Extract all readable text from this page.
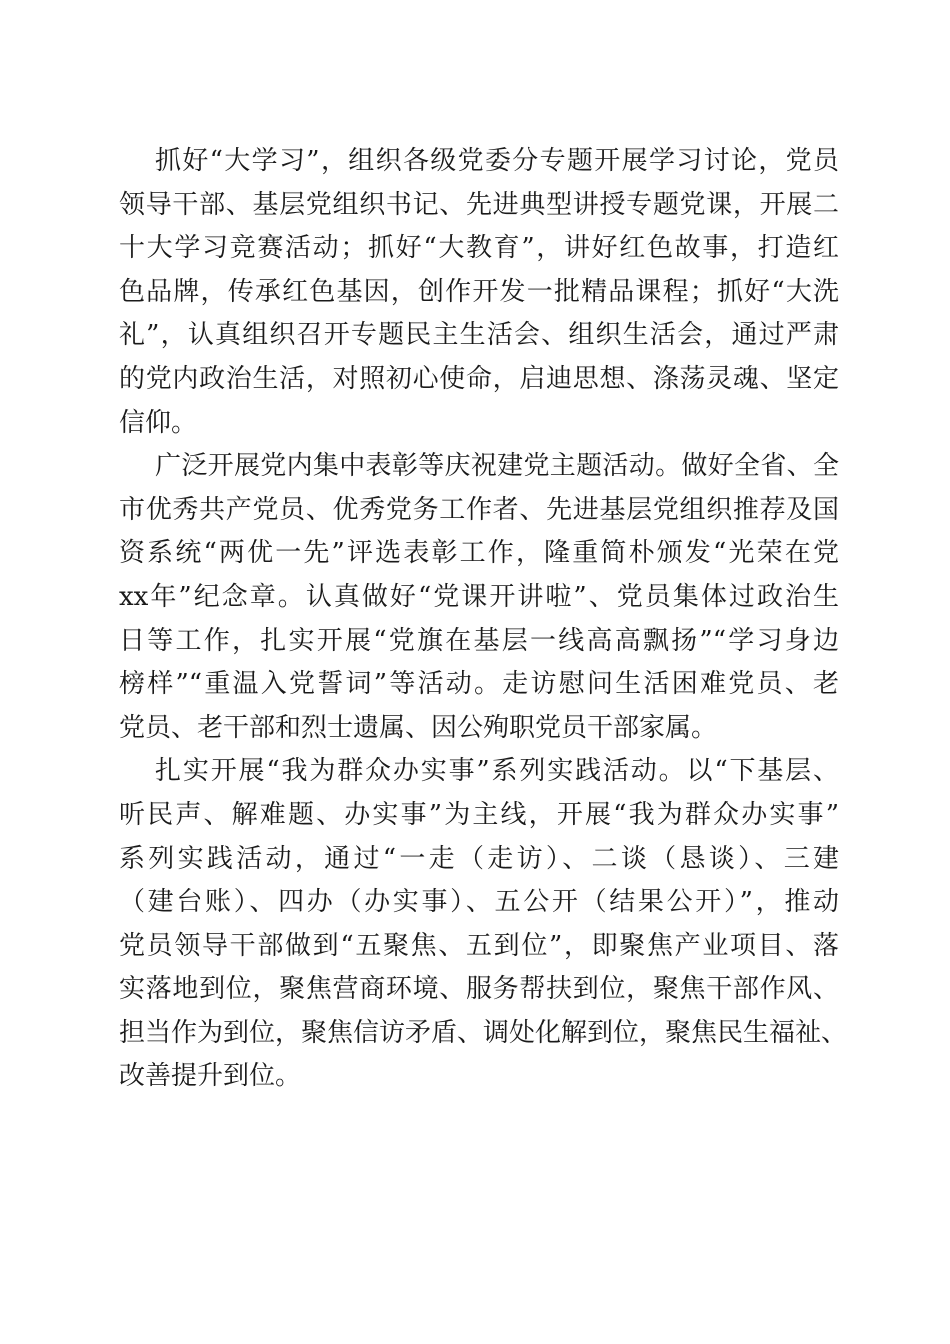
抓好“大学习”，组织各级党委分专题开展学习讨论，党员
领导干部、基层党组织书记、先进典型讲授专题党课，开展二
十大学习竞赛活动；抓好“大教育”，讲好红色故事，打造红
色品牌，传承红色基因，创作开发一批精品课程；抓好“大洗
礼”，认真组织召开专题民主生活会、组织生活会，通过严肃
的党内政治生活，对照初心使命，启迪思想、涤荡灵魂、坚定
信仰。
广泛开展党内集中表彰等庆祝建党主题活动。做好全省、全
市优秀共产党员、优秀党务工作者、先进基层党组织推荐及国
资系统“两优一先”评选表彰工作，隆重简朴颁发“光荣在党
xx年”纪念章。认真做好“党课开讲啦”、党员集体过政治生
日等工作，扎实开展“党旗在基层一线高高飘扬”“学习身边
榜样”“重温入党誓词”等活动。走访慰问生活困难党员、老
党员、老干部和烈士遗属、因公殉职党员干部家属。
扎实开展“我为群众办实事”系列实践活动。以“下基层、
听民声、解难题、办实事”为主线，开展“我为群众办实事”
系列实践活动，通过“一走（走访）、二谈（恳谈）、三建
（建台账）、四办（办实事）、五公开（结果公开）”，推动
党员领导干部做到“五聚焦、五到位”，即聚焦产业项目、落
实落地到位，聚焦营商环境、服务帮扶到位，聚焦干部作风、
担当作为到位，聚焦信访矛盾、调处化解到位，聚焦民生福祉、
改善提升到位。
